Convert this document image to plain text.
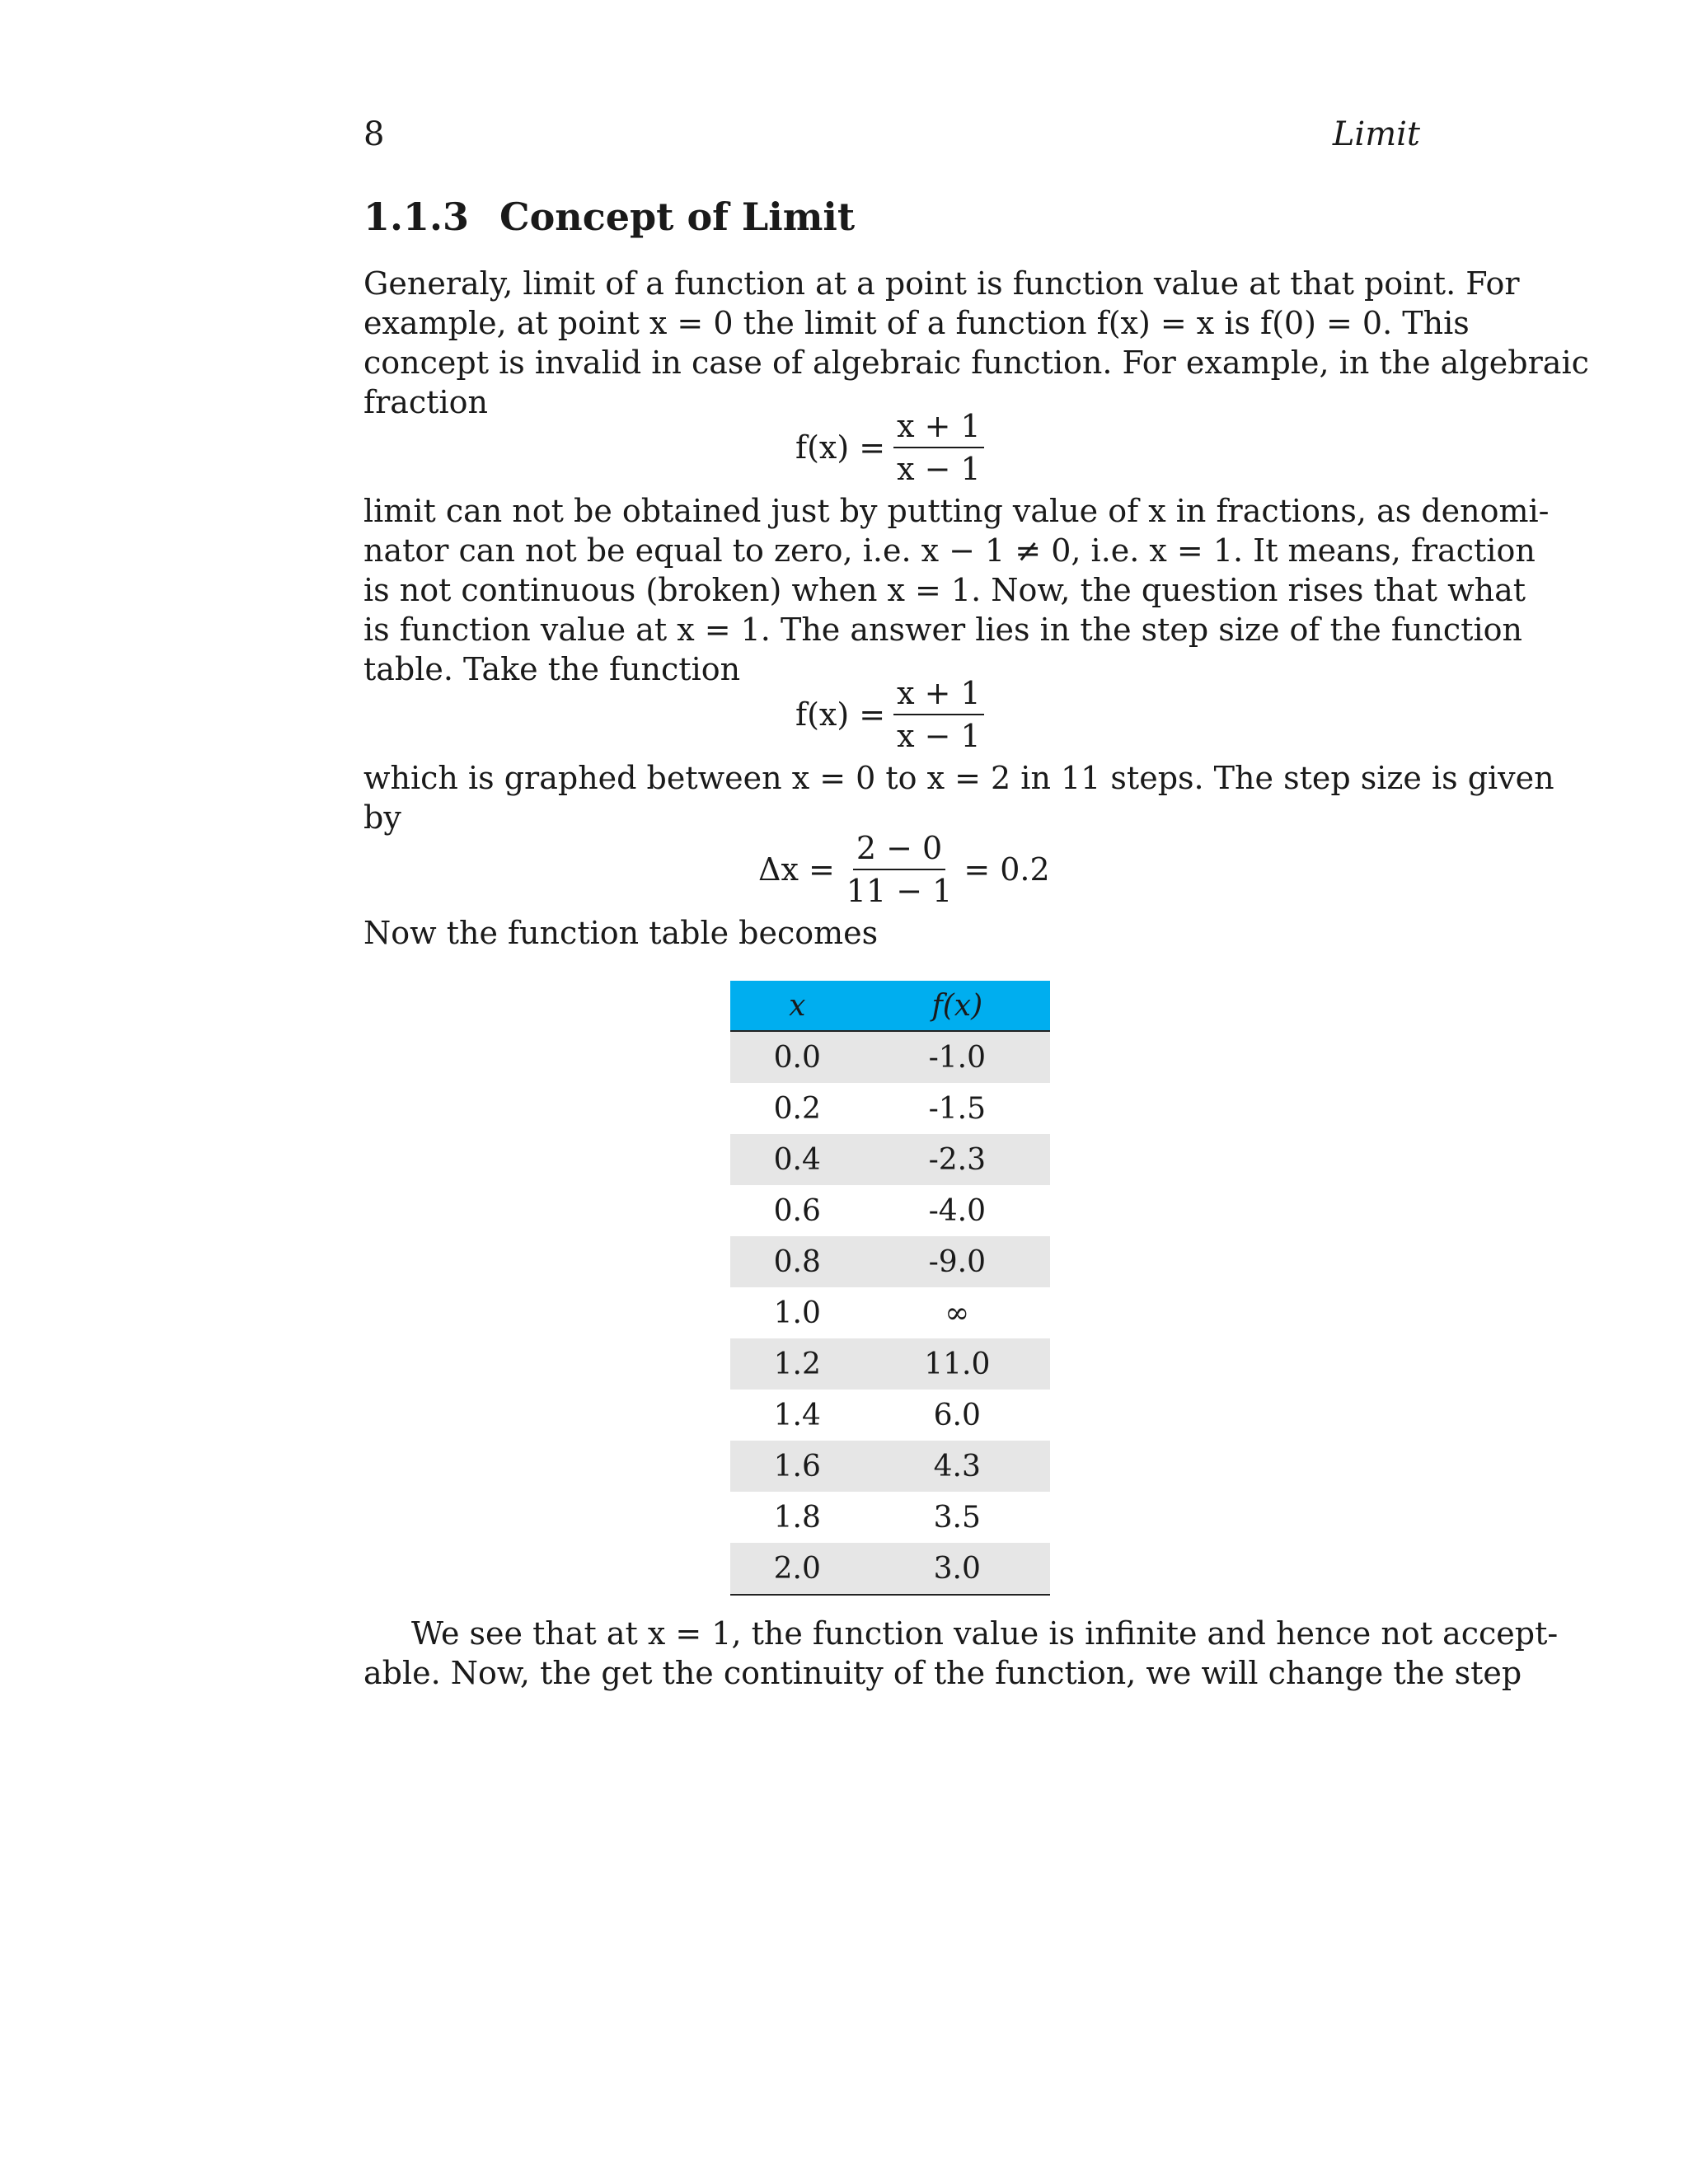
8	Limit
1.1.3 Concept of Limit
Generaly, limit of a function at a point is function value at that point. For
example, at point x = 0 the limit of a function f(x) = x is f(0) = 0. This
concept is invalid in case of algebraic function. For example, in the algebraic
fraction
$f(x) = \frac{x + 1}{x - 1}$
limit can not be obtained just by putting value of x in fractions, as denomi-
nator can not be equal to zero, i.e. x − 1 ≠ 0, i.e. x = 1. It means, fraction
is not continuous (broken) when x = 1. Now, the question rises that what
is function value at x = 1. The answer lies in the step size of the function
table. Take the function
$f(x) = \frac{x + 1}{x - 1}$
which is graphed between x = 0 to x = 2 in 11 steps. The step size is given
by
$\Delta x = \frac{2 - 0}{11 - 1} = 0.2$
Now the function table becomes
x	f(x)
0.0	-1.0
0.2	-1.5
0.4	-2.3
0.6	-4.0
0.8	-9.0
1.0	∞
1.2	11.0
1.4	6.0
1.6	4.3
1.8	3.5
2.0	3.0
We see that at x = 1, the function value is infinite and hence not accept-
able. Now, the get the continuity of the function, we will change the step
